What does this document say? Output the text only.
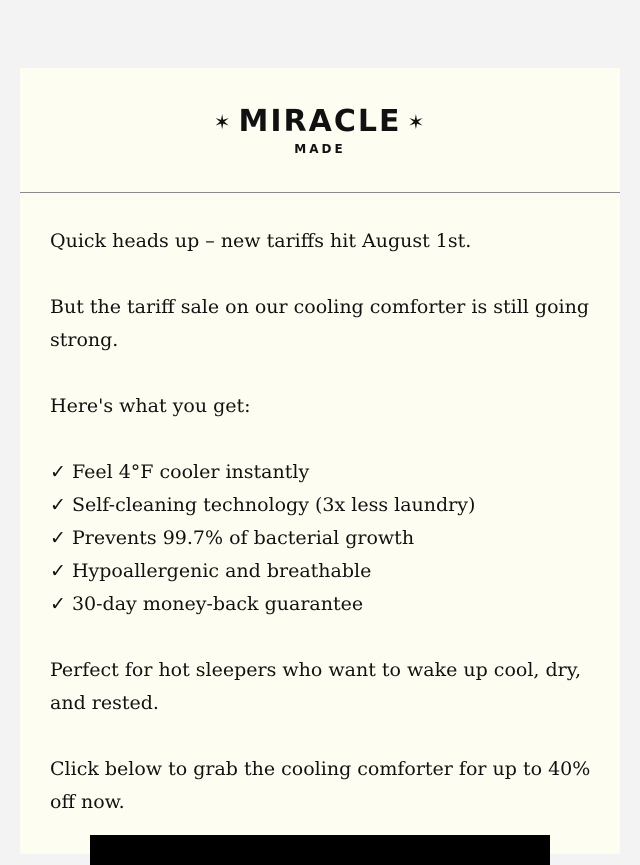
✶ MIRACLE ✶
MADE

Quick heads up – new tariffs hit August 1st.

But the tariff sale on our cooling comforter is still going strong.

Here's what you get:

✓ Feel 4°F cooler instantly
✓ Self-cleaning technology (3x less laundry)
✓ Prevents 99.7% of bacterial growth
✓ Hypoallergenic and breathable
✓ 30-day money-back guarantee

Perfect for hot sleepers who want to wake up cool, dry, and rested.

Click below to grab the cooling comforter for up to 40% off now.
